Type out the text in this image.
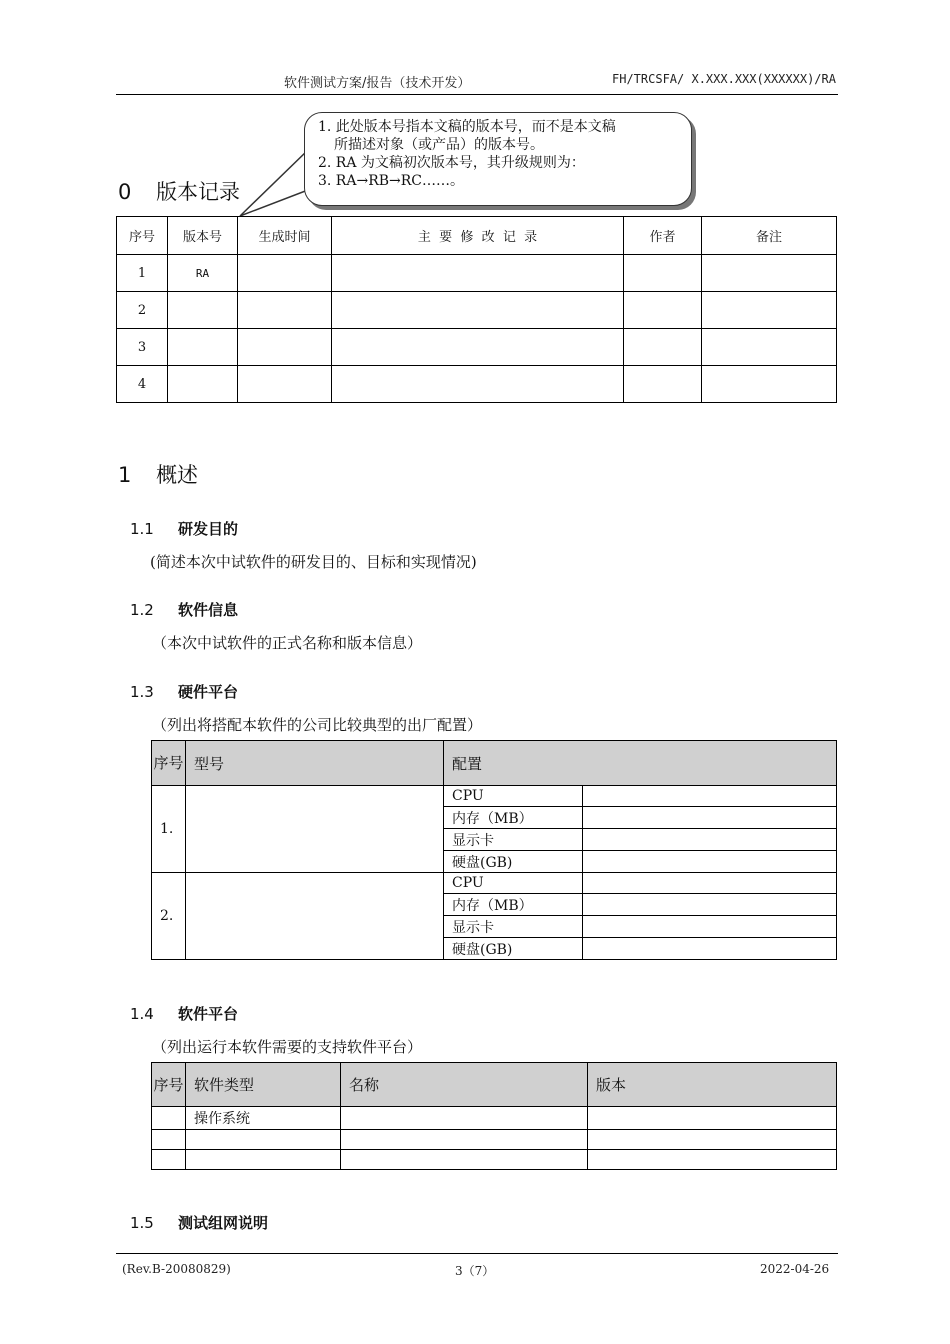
软件测试方案/报告（技术开发）	FH/TRCSFA/ X.XXX.XXX(XXXXXX)/RA
1. 此处版本号指本文稿的版本号，而不是本文稿
所描述对象（或产品）的版本号。
2. RA 为文稿初次版本号，其升级规则为：
3. RA→RB→RC……。
0 版本记录
序号	版本号	生成时间	主  要  修  改  记  录	作者	备注
1	RA				
2					
3					
4					
1 概述
1.1 研发目的
(简述本次中试软件的研发目的、目标和实现情况)
1.2 软件信息
（本次中试软件的正式名称和版本信息）
1.3 硬件平台
（列出将搭配本软件的公司比较典型的出厂配置）
序号	型号	配置	
1.		CPU	
		内存（MB）	
		显示卡	
		硬盘(GB)	
2.		CPU	
		内存（MB）	
		显示卡	
		硬盘(GB)	
1.4 软件平台
（列出运行本软件需要的支持软件平台）
序号	软件类型	名称	版本
	操作系统		

1.5 测试组网说明
(Rev.B-20080829)	3（7）	2022-04-26
